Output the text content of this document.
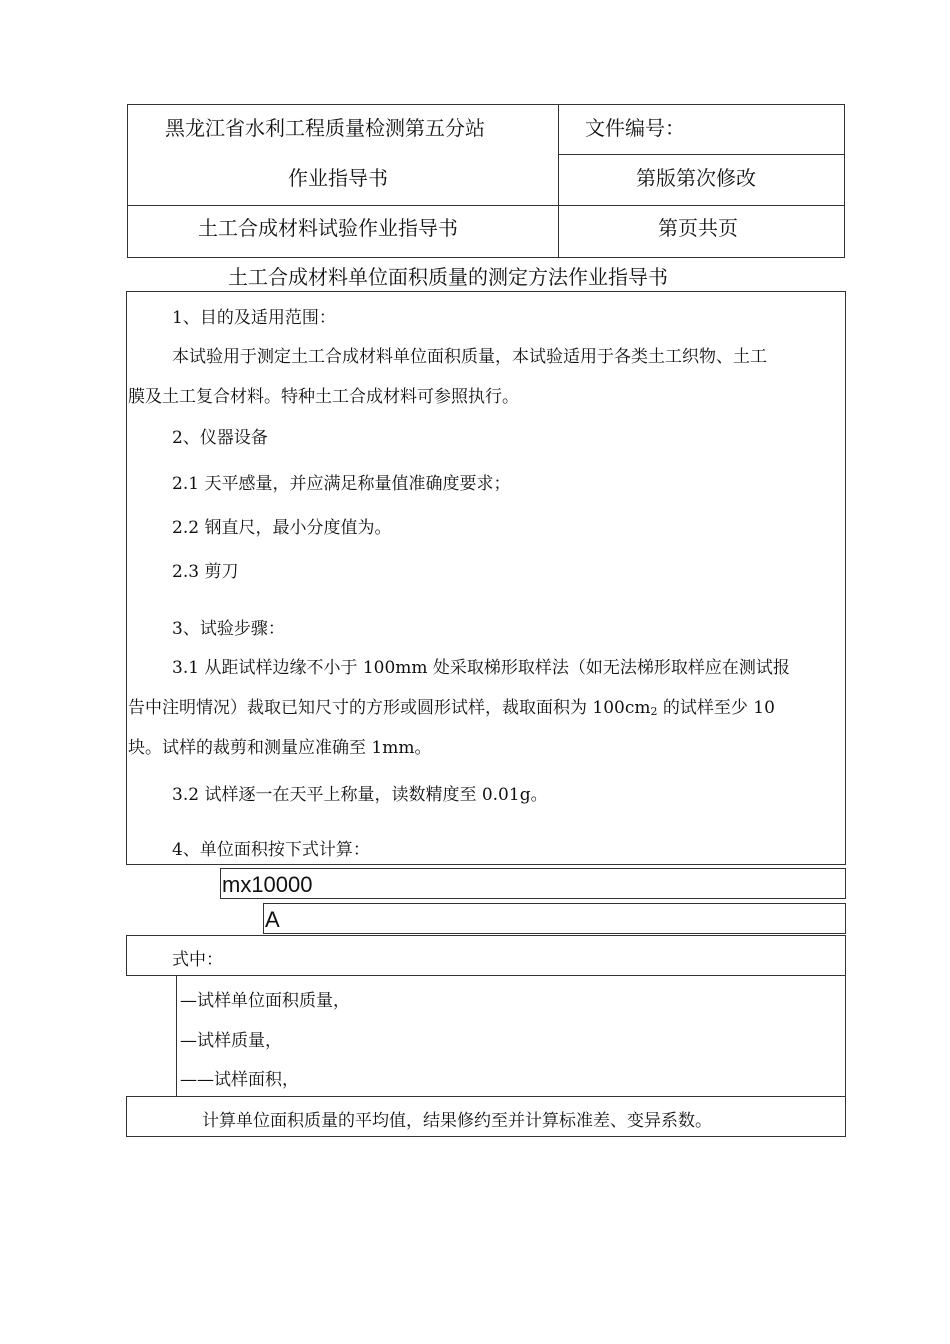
黑龙江省水利工程质量检测第五分站
作业指导书
文件编号：
第版第次修改
土工合成材料试验作业指导书	第页共页
土工合成材料单位面积质量的测定方法作业指导书
1、目的及适用范围：
本试验用于测定土工合成材料单位面积质量，本试验适用于各类土工织物、土工
膜及土工复合材料。特种土工合成材料可参照执行。
2、仪器设备
2.1 天平感量，并应满足称量值准确度要求；
2.2 钢直尺，最小分度值为。
2.3 剪刀
3、试验步骤：
3.1 从距试样边缘不小于 100mm 处采取梯形取样法（如无法梯形取样应在测试报
告中注明情况）裁取已知尺寸的方形或圆形试样，裁取面积为 $100cm_2$ 的试样至少 10
块。试样的裁剪和测量应准确至 1mm。
3.2 试样逐一在天平上称量，读数精度至 0.01g。
4、单位面积按下式计算：
mx10000
A
式中：
—试样单位面积质量，
—试样质量，
——试样面积，
计算单位面积质量的平均值，结果修约至并计算标准差、变异系数。
